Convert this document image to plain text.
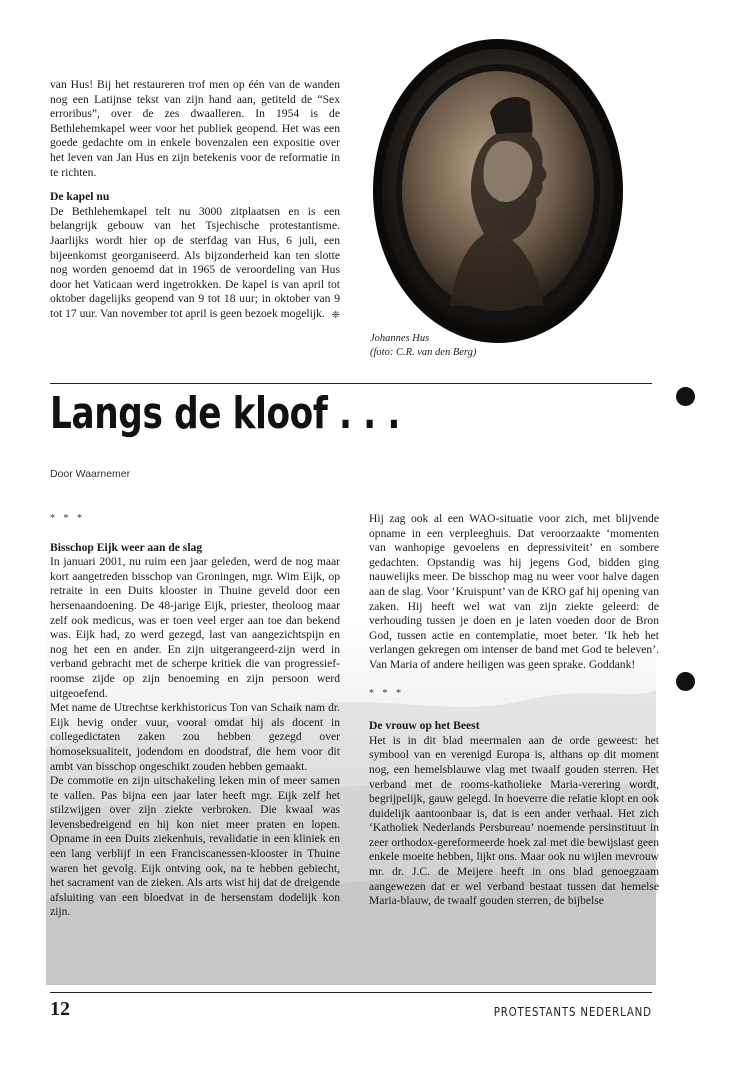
van Hus! Bij het restaureren trof men op één van de wanden nog een Latijnse tekst van zijn hand aan, getiteld de “Sex erroribus”, over de zes dwaalleren. In 1954 is de Bethlehemkapel weer voor het publiek geopend. Het was een goede gedachte om in enkele bovenzalen een expositie over het leven van Jan Hus en zijn betekenis voor de reformatie in te richten.

De kapel nu

De Bethlehemkapel telt nu 3000 zitplaatsen en is een belangrijk gebouw van het Tsjechische protestantisme. Jaarlijks wordt hier op de sterfdag van Hus, 6 juli, een bijeenkomst georganiseerd. Als bijzonderheid kan ten slotte nog worden genoemd dat in 1965 de veroordeling van Hus door het Vaticaan werd ingetrokken. De kapel is van april tot oktober dagelijks geopend van 9 tot 18 uur; in oktober van 9 tot 17 uur. Van november tot april is geen bezoek mogelijk. ❈

Johannes Hus
(foto: C.R. van den Berg)
Langs de kloof . . .
Door Waarnemer

* * *

Bisschop Eijk weer aan de slag

In januari 2001, nu ruim een jaar geleden, werd de nog maar kort aangetreden bisschop van Groningen, mgr. Wim Eijk, op retraite in een Duits klooster in Thuine geveld door een hersenaandoening. De 48-jarige Eijk, priester, theoloog maar zelf ook medicus, was er toen veel erger aan toe dan bekend was. Eijk had, zo werd gezegd, last van aangezichtspijn en nog het een en ander. En zijn uitgerangeerd-zijn werd in verband gebracht met de scherpe kritiek die van progressief-roomse zijde op zijn benoeming en zijn persoon werd uitgeoefend.

Met name de Utrechtse kerkhistoricus Ton van Schaik nam dr. Eijk hevig onder vuur, vooral omdat hij als docent in collegedictaten zaken zou hebben gezegd over homoseksualiteit, jodendom en doodstraf, die hem voor dit ambt van bisschop ongeschikt zouden hebben gemaakt.

De commotie en zijn uitschakeling leken min of meer samen te vallen. Pas bijna een jaar later heeft mgr. Eijk zelf het stilzwijgen over zijn ziekte verbroken. Die kwaal was levensbedreigend en hij kon niet meer praten en lopen. Opname in een Duits ziekenhuis, revalidatie in een kliniek en een lang verblijf in een Franciscanessen-klooster in Thuine waren het gevolg. Eijk ontving ook, na te hebben gebiecht, het sacrament van de zieken. Als arts wist hij dat de dreigende afsluiting van een bloedvat in de hersenstam dodelijk kon zijn.

Hij zag ook al een WAO-situatie voor zich, met blijvende opname in een verpleeghuis. Dat veroorzaakte ‘momenten van wanhopige gevoelens en depressiviteit’ en sombere gedachten. Opstandig was hij jegens God, bidden ging nauwelijks meer. De bisschop mag nu weer voor halve dagen aan de slag. Voor ‘Kruispunt’ van de KRO gaf hij opening van zaken. Hij heeft wel wat van zijn ziekte geleerd: de verhouding tussen je doen en je laten voeden door de Bron God, tussen actie en contemplatie, moet beter. ‘Ik heb het verlangen gekregen om intenser de band met God te beleven’. Van Maria of andere heiligen was geen sprake. Goddank!

* * *

De vrouw op het Beest

Het is in dit blad meermalen aan de orde geweest: het symbool van en verenigd Europa is, althans op dit moment nog, een hemelsblauwe vlag met twaalf gouden sterren. Het verband met de rooms-katholieke Maria-verering wordt, begrijpelijk, gauw gelegd. In hoeverre die relatie klopt en ook duidelijk aantoonbaar is, dat is een ander verhaal. Het zich ‘Katholiek Nederlands Persbureau’ noemende persinstituut in zeer orthodox-gereformeerde hoek zal met die bewijslast geen enkele moeite hebben, lijkt ons. Maar ook nu wijlen mevrouw mr. dr. J.C. de Meijere heeft in ons blad genoegzaam aangewezen dat er wel verband bestaat tussen dat hemelse Maria-blauw, de twaalf gouden sterren, de bijbelse

12	PROTESTANTS NEDERLAND
